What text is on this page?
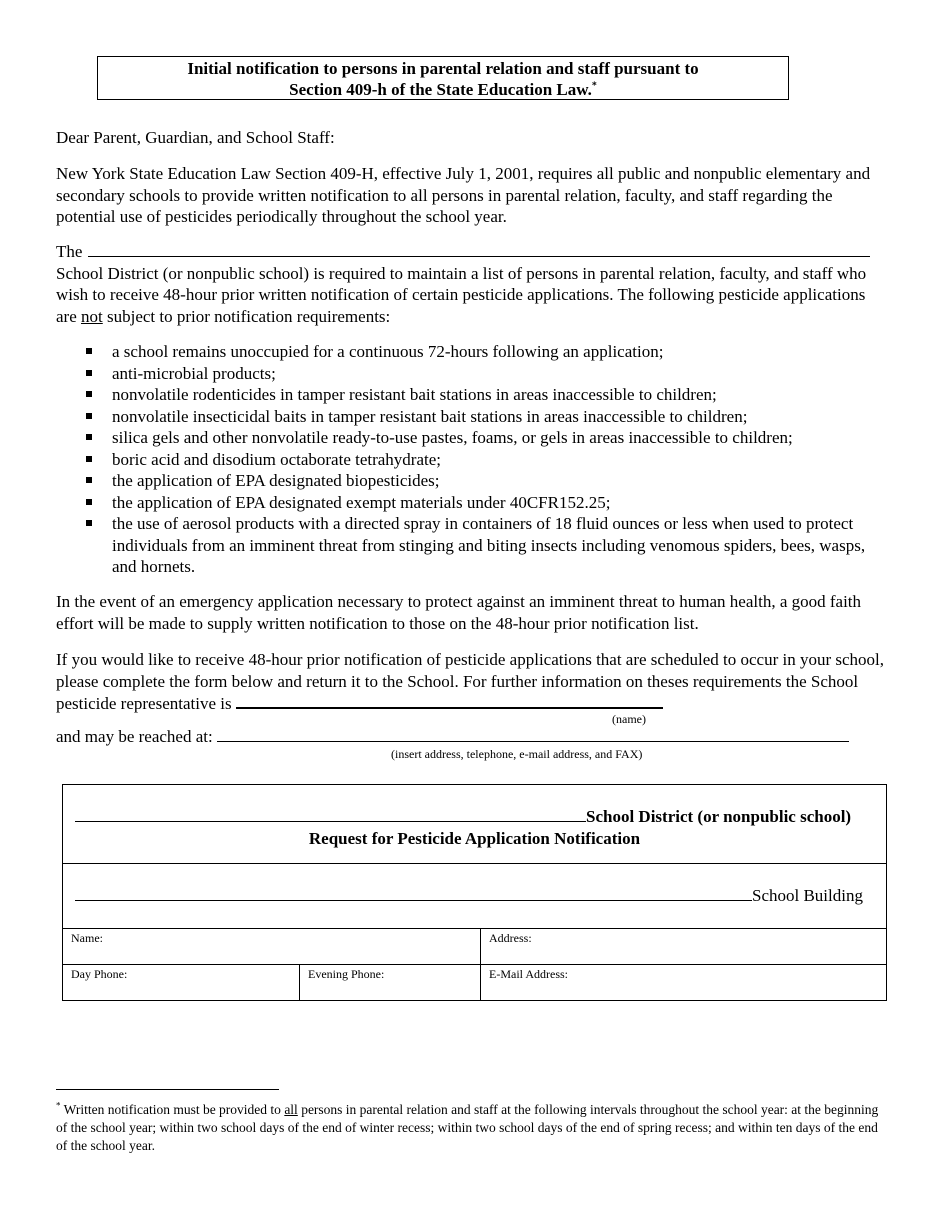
Initial notification to persons in parental relation and staff pursuant to
Section 409-h of the State Education Law.*
Dear Parent, Guardian, and School Staff:
New York State Education Law Section 409-H, effective July 1, 2001, requires all public and nonpublic elementary and secondary schools to provide written notification to all persons in parental relation, faculty, and staff regarding the potential use of pesticides periodically throughout the school year.
The
School District (or nonpublic school) is required to maintain a list of persons in parental relation, faculty, and staff who wish to receive 48-hour prior written notification of certain pesticide applications. The following pesticide applications are not subject to prior notification requirements:
a school remains unoccupied for a continuous 72-hours following an application;
anti-microbial products;
nonvolatile rodenticides in tamper resistant bait stations in areas inaccessible to children;
nonvolatile insecticidal baits in tamper resistant bait stations in areas inaccessible to children;
silica gels and other nonvolatile ready-to-use pastes, foams, or gels in areas inaccessible to children;
boric acid and disodium octaborate tetrahydrate;
the application of EPA designated biopesticides;
the application of EPA designated exempt materials under 40CFR152.25;
the use of aerosol products with a directed spray in containers of 18 fluid ounces or less when used to protect individuals from an imminent threat from stinging and biting insects including venomous spiders, bees, wasps, and hornets.
In the event of an emergency application necessary to protect against an imminent threat to human health, a good faith effort will be made to supply written notification to those on the 48-hour prior notification list.
If you would like to receive 48-hour prior notification of pesticide applications that are scheduled to occur in your school, please complete the form below and return it to the School. For further information on theses requirements the School pesticide representative is
(name)
and may be reached at:
(insert address, telephone, e-mail address, and FAX)
School District (or nonpublic school)
Request for Pesticide Application Notification
School Building
Name:	Address:
Day Phone:	Evening Phone:	E-Mail Address:
* Written notification must be provided to all persons in parental relation and staff at the following intervals throughout the school year: at the beginning of the school year; within two school days of the end of winter recess; within two school days of the end of spring recess; and within ten days of the end of the school year.
